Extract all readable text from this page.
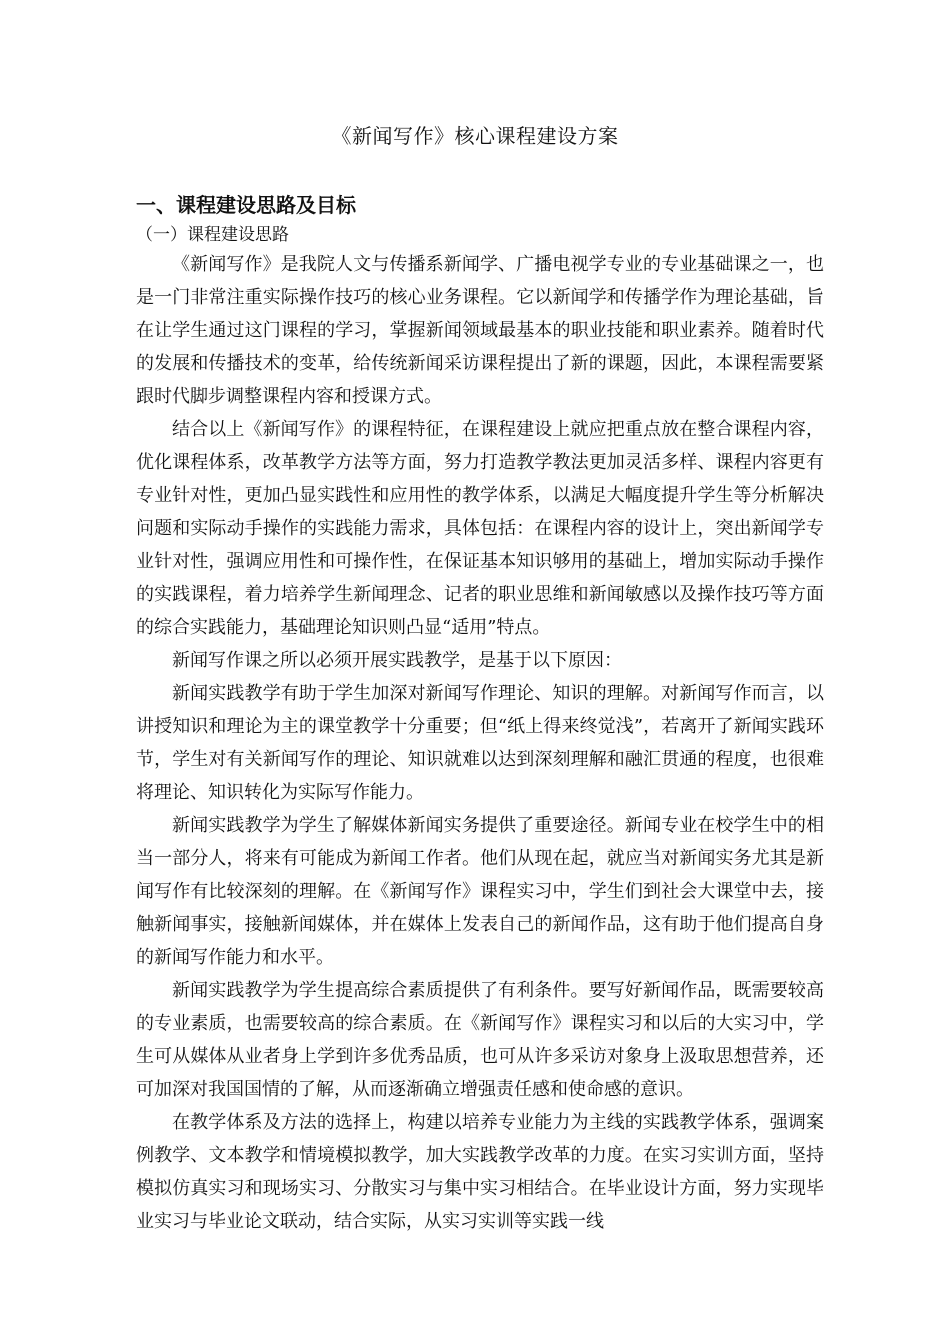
《新闻写作》核心课程建设方案
一、课程建设思路及目标
（一）课程建设思路

《新闻写作》是我院人文与传播系新闻学、广播电视学专业的专业基础课之一，也是一门非常注重实际操作技巧的核心业务课程。它以新闻学和传播学作为理论基础，旨在让学生通过这门课程的学习，掌握新闻领域最基本的职业技能和职业素养。随着时代的发展和传播技术的变革，给传统新闻采访课程提出了新的课题，因此，本课程需要紧跟时代脚步调整课程内容和授课方式。

结合以上《新闻写作》的课程特征，在课程建设上就应把重点放在整合课程内容，优化课程体系，改革教学方法等方面，努力打造教学教法更加灵活多样、课程内容更有专业针对性，更加凸显实践性和应用性的教学体系，以满足大幅度提升学生等分析解决问题和实际动手操作的实践能力需求，具体包括：在课程内容的设计上，突出新闻学专业针对性，强调应用性和可操作性，在保证基本知识够用的基础上，增加实际动手操作的实践课程，着力培养学生新闻理念、记者的职业思维和新闻敏感以及操作技巧等方面的综合实践能力，基础理论知识则凸显“适用”特点。

新闻写作课之所以必须开展实践教学，是基于以下原因：

新闻实践教学有助于学生加深对新闻写作理论、知识的理解。对新闻写作而言，以讲授知识和理论为主的课堂教学十分重要；但“纸上得来终觉浅”，若离开了新闻实践环节，学生对有关新闻写作的理论、知识就难以达到深刻理解和融汇贯通的程度，也很难将理论、知识转化为实际写作能力。

新闻实践教学为学生了解媒体新闻实务提供了重要途径。新闻专业在校学生中的相当一部分人，将来有可能成为新闻工作者。他们从现在起，就应当对新闻实务尤其是新闻写作有比较深刻的理解。在《新闻写作》课程实习中，学生们到社会大课堂中去，接触新闻事实，接触新闻媒体，并在媒体上发表自己的新闻作品，这有助于他们提高自身的新闻写作能力和水平。

新闻实践教学为学生提高综合素质提供了有利条件。要写好新闻作品，既需要较高的专业素质，也需要较高的综合素质。在《新闻写作》课程实习和以后的大实习中，学生可从媒体从业者身上学到许多优秀品质，也可从许多采访对象身上汲取思想营养，还可加深对我国国情的了解，从而逐渐确立增强责任感和使命感的意识。

在教学体系及方法的选择上，构建以培养专业能力为主线的实践教学体系，强调案例教学、文本教学和情境模拟教学，加大实践教学改革的力度。在实习实训方面，坚持模拟仿真实习和现场实习、分散实习与集中实习相结合。在毕业设计方面，努力实现毕业实习与毕业论文联动，结合实际，从实习实训等实践一线
